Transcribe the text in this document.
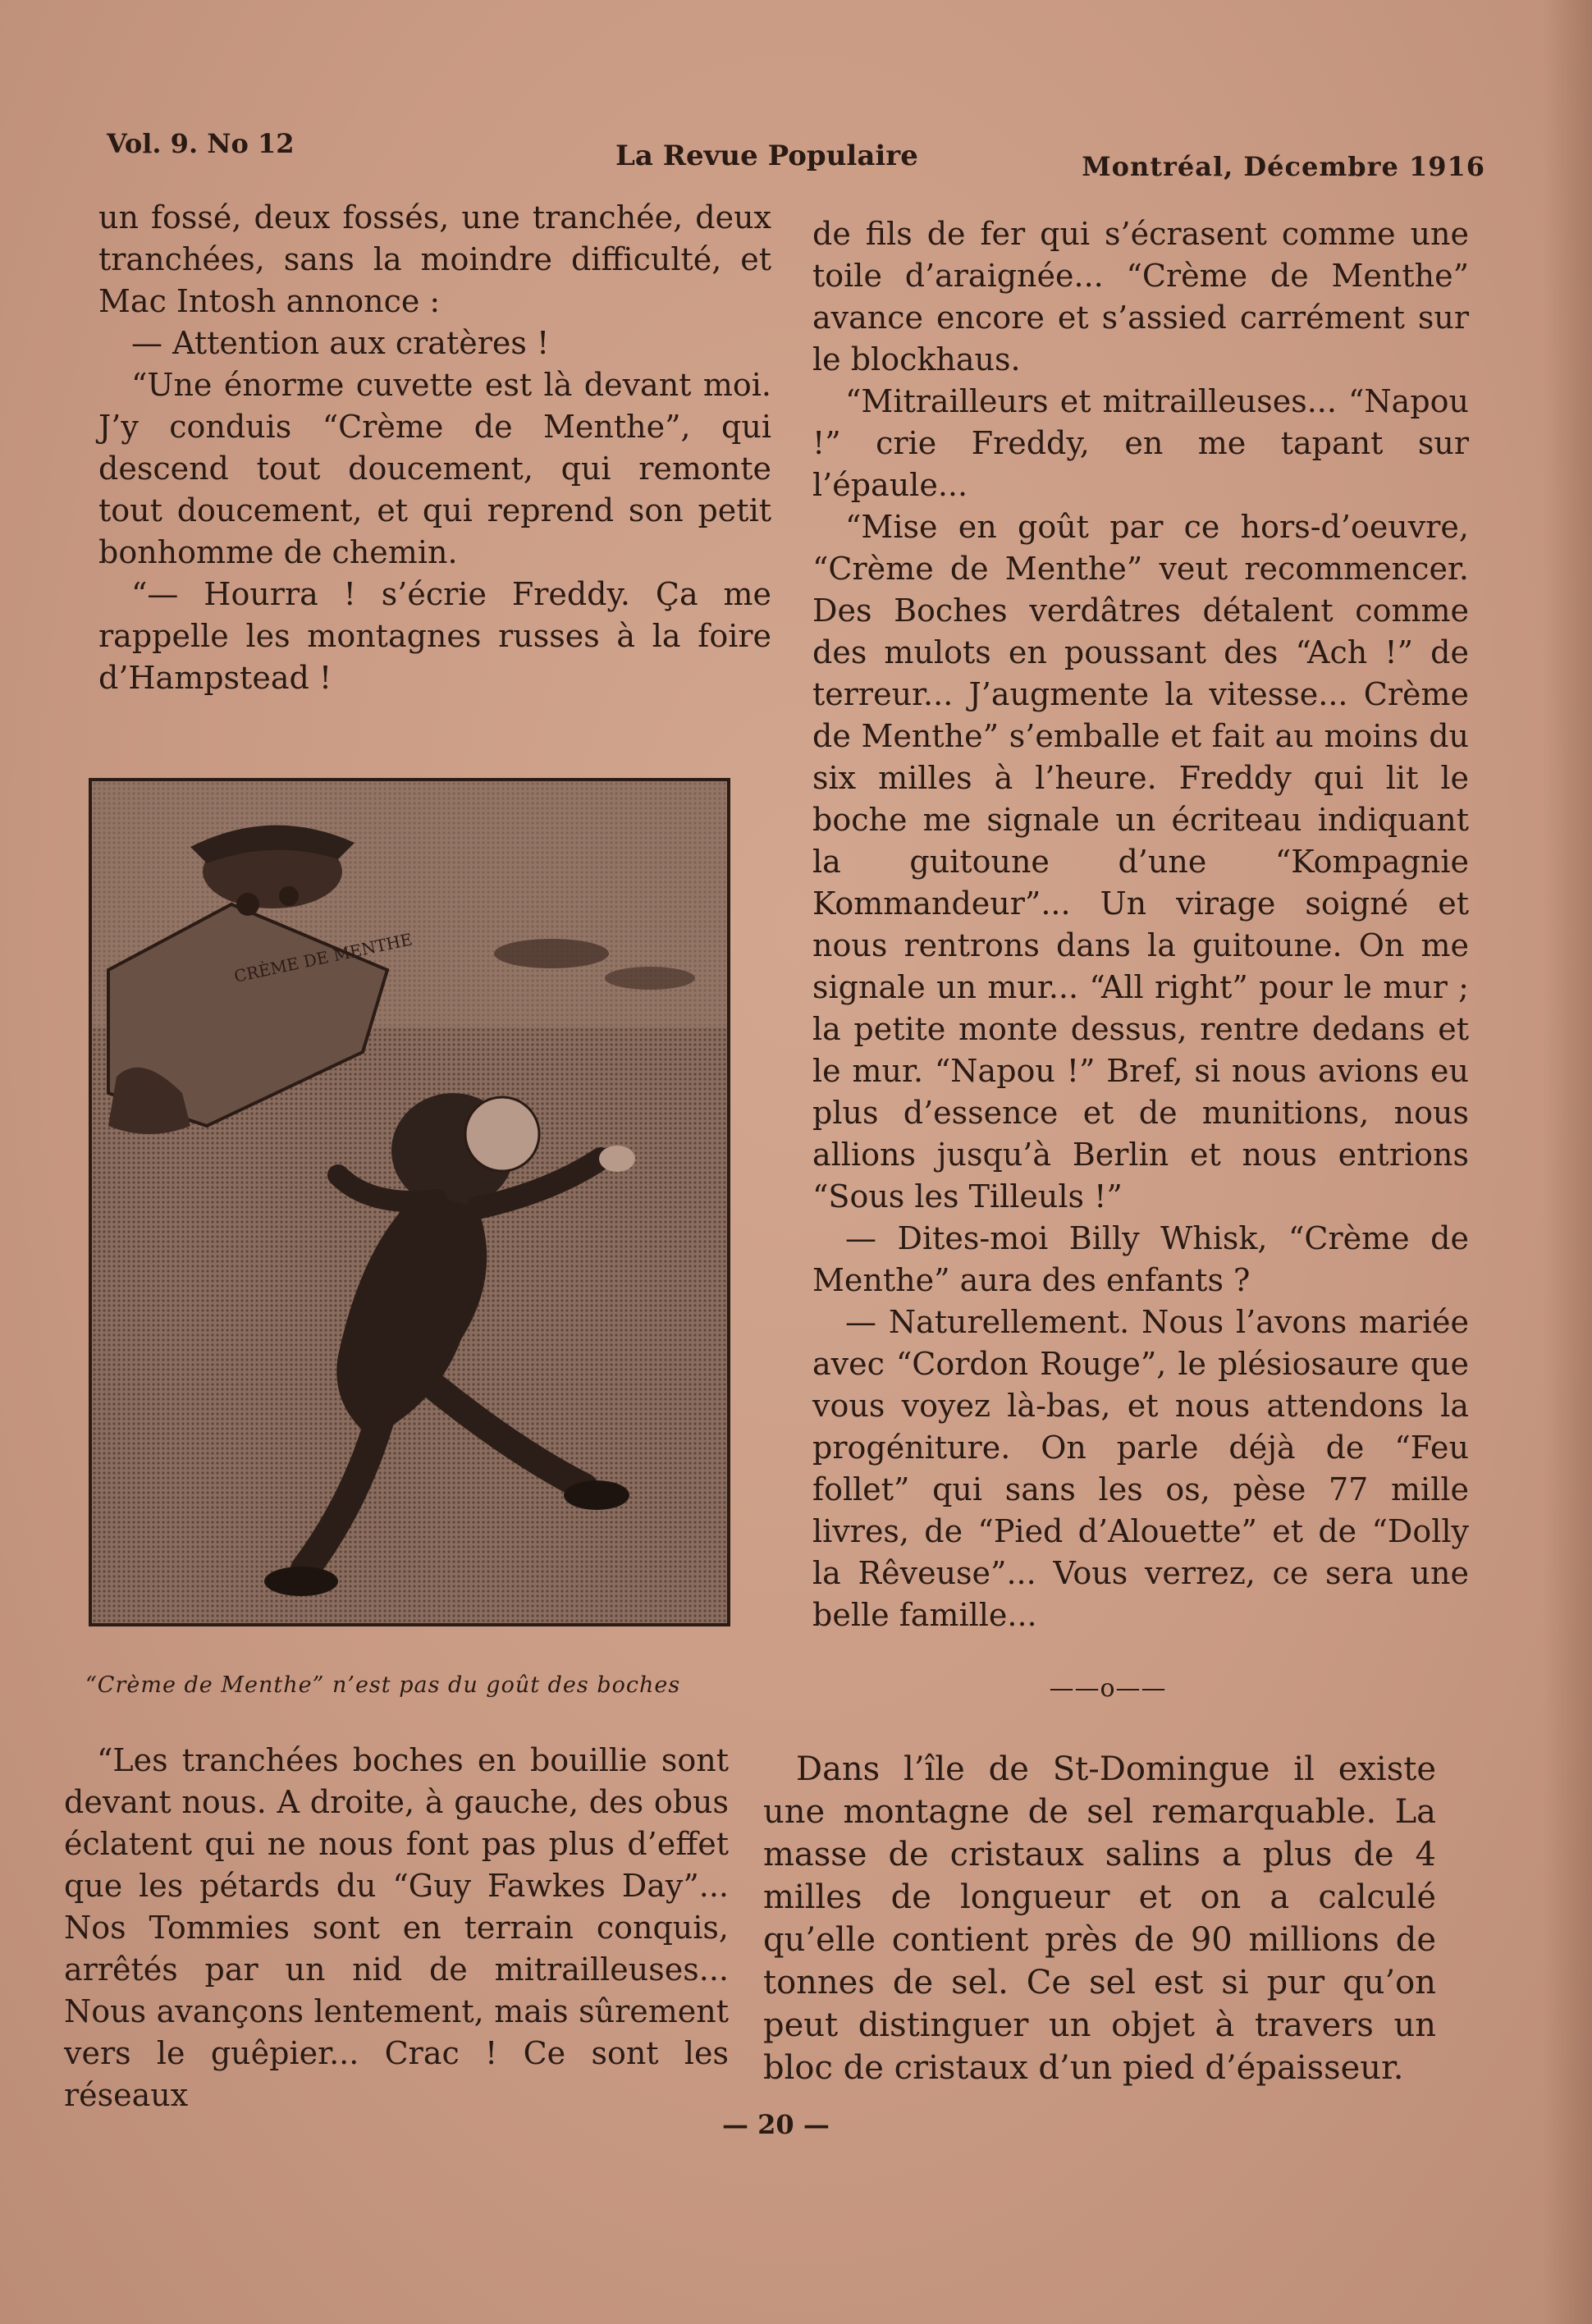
Vol. 9. No 12	La Revue Populaire	Montréal, Décembre 1916

un fossé, deux fossés, une tranchée, deux tranchées, sans la moindre difficulté, et Mac Intosh annonce :

— Attention aux cratères !

“Une énorme cuvette est là devant moi. J’y conduis “Crème de Menthe”, qui descend tout doucement, qui remonte tout doucement, et qui reprend son petit bonhomme de chemin.

“— Hourra ! s’écrie Freddy. Ça me rappelle les montagnes russes à la foire d’Hampstead !

CRÈME DE MENTHE
“Crème de Menthe” n’est pas du goût des boches

“Les tranchées boches en bouillie sont devant nous. A droite, à gauche, des obus éclatent qui ne nous font pas plus d’effet que les pétards du “Guy Fawkes Day”... Nos Tommies sont en terrain conquis, arrêtés par un nid de mitrailleuses... Nous avançons lentement, mais sûrement vers le guêpier... Crac ! Ce sont les réseaux

de fils de fer qui s’écrasent comme une toile d’araignée... “Crème de Menthe” avance encore et s’assied carrément sur le blockhaus.

“Mitrailleurs et mitrailleuses... “Napou !” crie Freddy, en me tapant sur l’épaule...

“Mise en goût par ce hors-d’oeuvre, “Crème de Menthe” veut recommencer. Des Boches verdâtres détalent comme des mulots en poussant des “Ach !” de terreur... J’augmente la vitesse... Crème de Menthe” s’emballe et fait au moins du six milles à l’heure. Freddy qui lit le boche me signale un écriteau indiquant la guitoune d’une “Kompagnie Kommandeur”... Un virage soigné et nous rentrons dans la guitoune. On me signale un mur... “All right” pour le mur ; la petite monte dessus, rentre dedans et le mur. “Napou !” Bref, si nous avions eu plus d’essence et de munitions, nous allions jusqu’à Berlin et nous entrions “Sous les Tilleuls !”

— Dites-moi Billy Whisk, “Crème de Menthe” aura des enfants ?

— Naturellement. Nous l’avons mariée avec “Cordon Rouge”, le plésiosaure que vous voyez là-bas, et nous attendons la progéniture. On parle déjà de “Feu follet” qui sans les os, pèse 77 mille livres, de “Pied d’Alouette” et de “Dolly la Rêveuse”... Vous verrez, ce sera une belle famille...

——o——

Dans l’île de St-Domingue il existe une montagne de sel remarquable. La masse de cristaux salins a plus de 4 milles de longueur et on a calculé qu’elle contient près de 90 millions de tonnes de sel. Ce sel est si pur qu’on peut distinguer un objet à travers un bloc de cristaux d’un pied d’épaisseur.

— 20 —
